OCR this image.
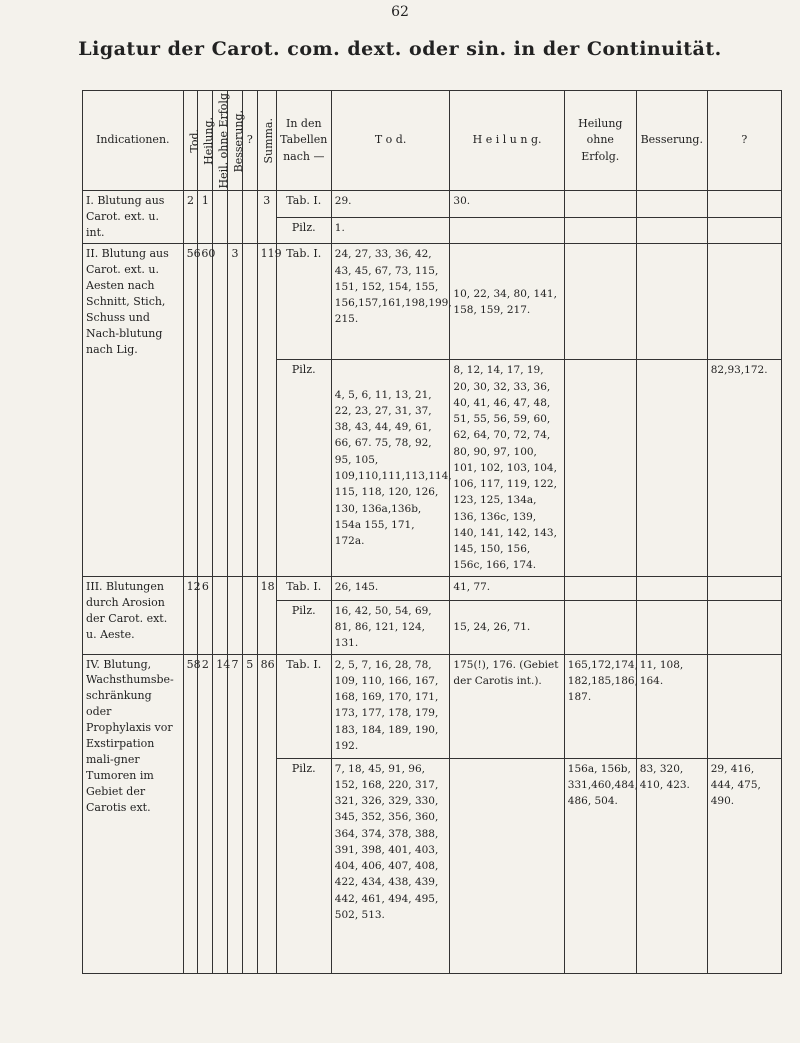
62
Ligatur der Carot. com. dext. oder sin. in der Continuität.
Indicationen.	Tod.	Heilung.	Heil. ohne Erfolg	Besserung.	?	Summa.	In den Tabellen nach —	T o d.	H e i l u n g.	Heilung ohne Erfolg.	Besserung.	?
I. Blutung aus Carot. ext. u. int.	2	1				3	Tab. I.	29.	30.			
							Pilz.	1.				
II. Blutung aus Carot. ext. u. Aesten nach Schnitt, Stich, Schuss und Nach-blutung nach Lig.	56	60		3		119	Tab. I.	24, 27, 33, 36, 42, 43, 45, 67, 73, 115, 151, 152, 154, 155, 156,157,161,198,199, 215.	10, 22, 34, 80, 141, 158, 159, 217.			
							Pilz.	4, 5, 6, 11, 13, 21, 22, 23, 27, 31, 37, 38, 43, 44, 49, 61, 66, 67. 75, 78, 92, 95, 105, 109,110,111,113,114, 115, 118, 120, 126, 130, 136a,136b, 154a 155, 171, 172a.	8, 12, 14, 17, 19, 20, 30, 32, 33, 36, 40, 41, 46, 47, 48, 51, 55, 56, 59, 60, 62, 64, 70, 72, 74, 80, 90, 97, 100, 101, 102, 103, 104, 106, 117, 119, 122, 123, 125, 134a, 136, 136c, 139, 140, 141, 142, 143, 145, 150, 156, 156c, 166, 174.			82,93,172.
III. Blutungen durch Arosion der Carot. ext. u. Aeste.	12	6				18	Tab. I.	26, 145.	41, 77.			
							Pilz.	16, 42, 50, 54, 69, 81, 86, 121, 124, 131.	15, 24, 26, 71.			
IV. Blutung, Wachsthumsbe-schränkung oder Prophylaxis vor Exstirpation mali-gner Tumoren im Gebiet der Carotis ext.	58	2	14	7	5	86	Tab. I.	2, 5, 7, 16, 28, 78, 109, 110, 166, 167, 168, 169, 170, 171, 173, 177, 178, 179, 183, 184, 189, 190, 192.	175(!), 176. (Gebiet der Carotis int.).	165,172,174, 182,185,186, 187.	11, 108, 164.	
							Pilz.	7, 18, 45, 91, 96, 152, 168, 220, 317, 321, 326, 329, 330, 345, 352, 356, 360, 364, 374, 378, 388, 391, 398, 401, 403, 404, 406, 407, 408, 422, 434, 438, 439, 442, 461, 494, 495, 502, 513.		156a, 156b, 331,460,484, 486, 504.	83, 320, 410, 423.	29, 416, 444, 475, 490.
